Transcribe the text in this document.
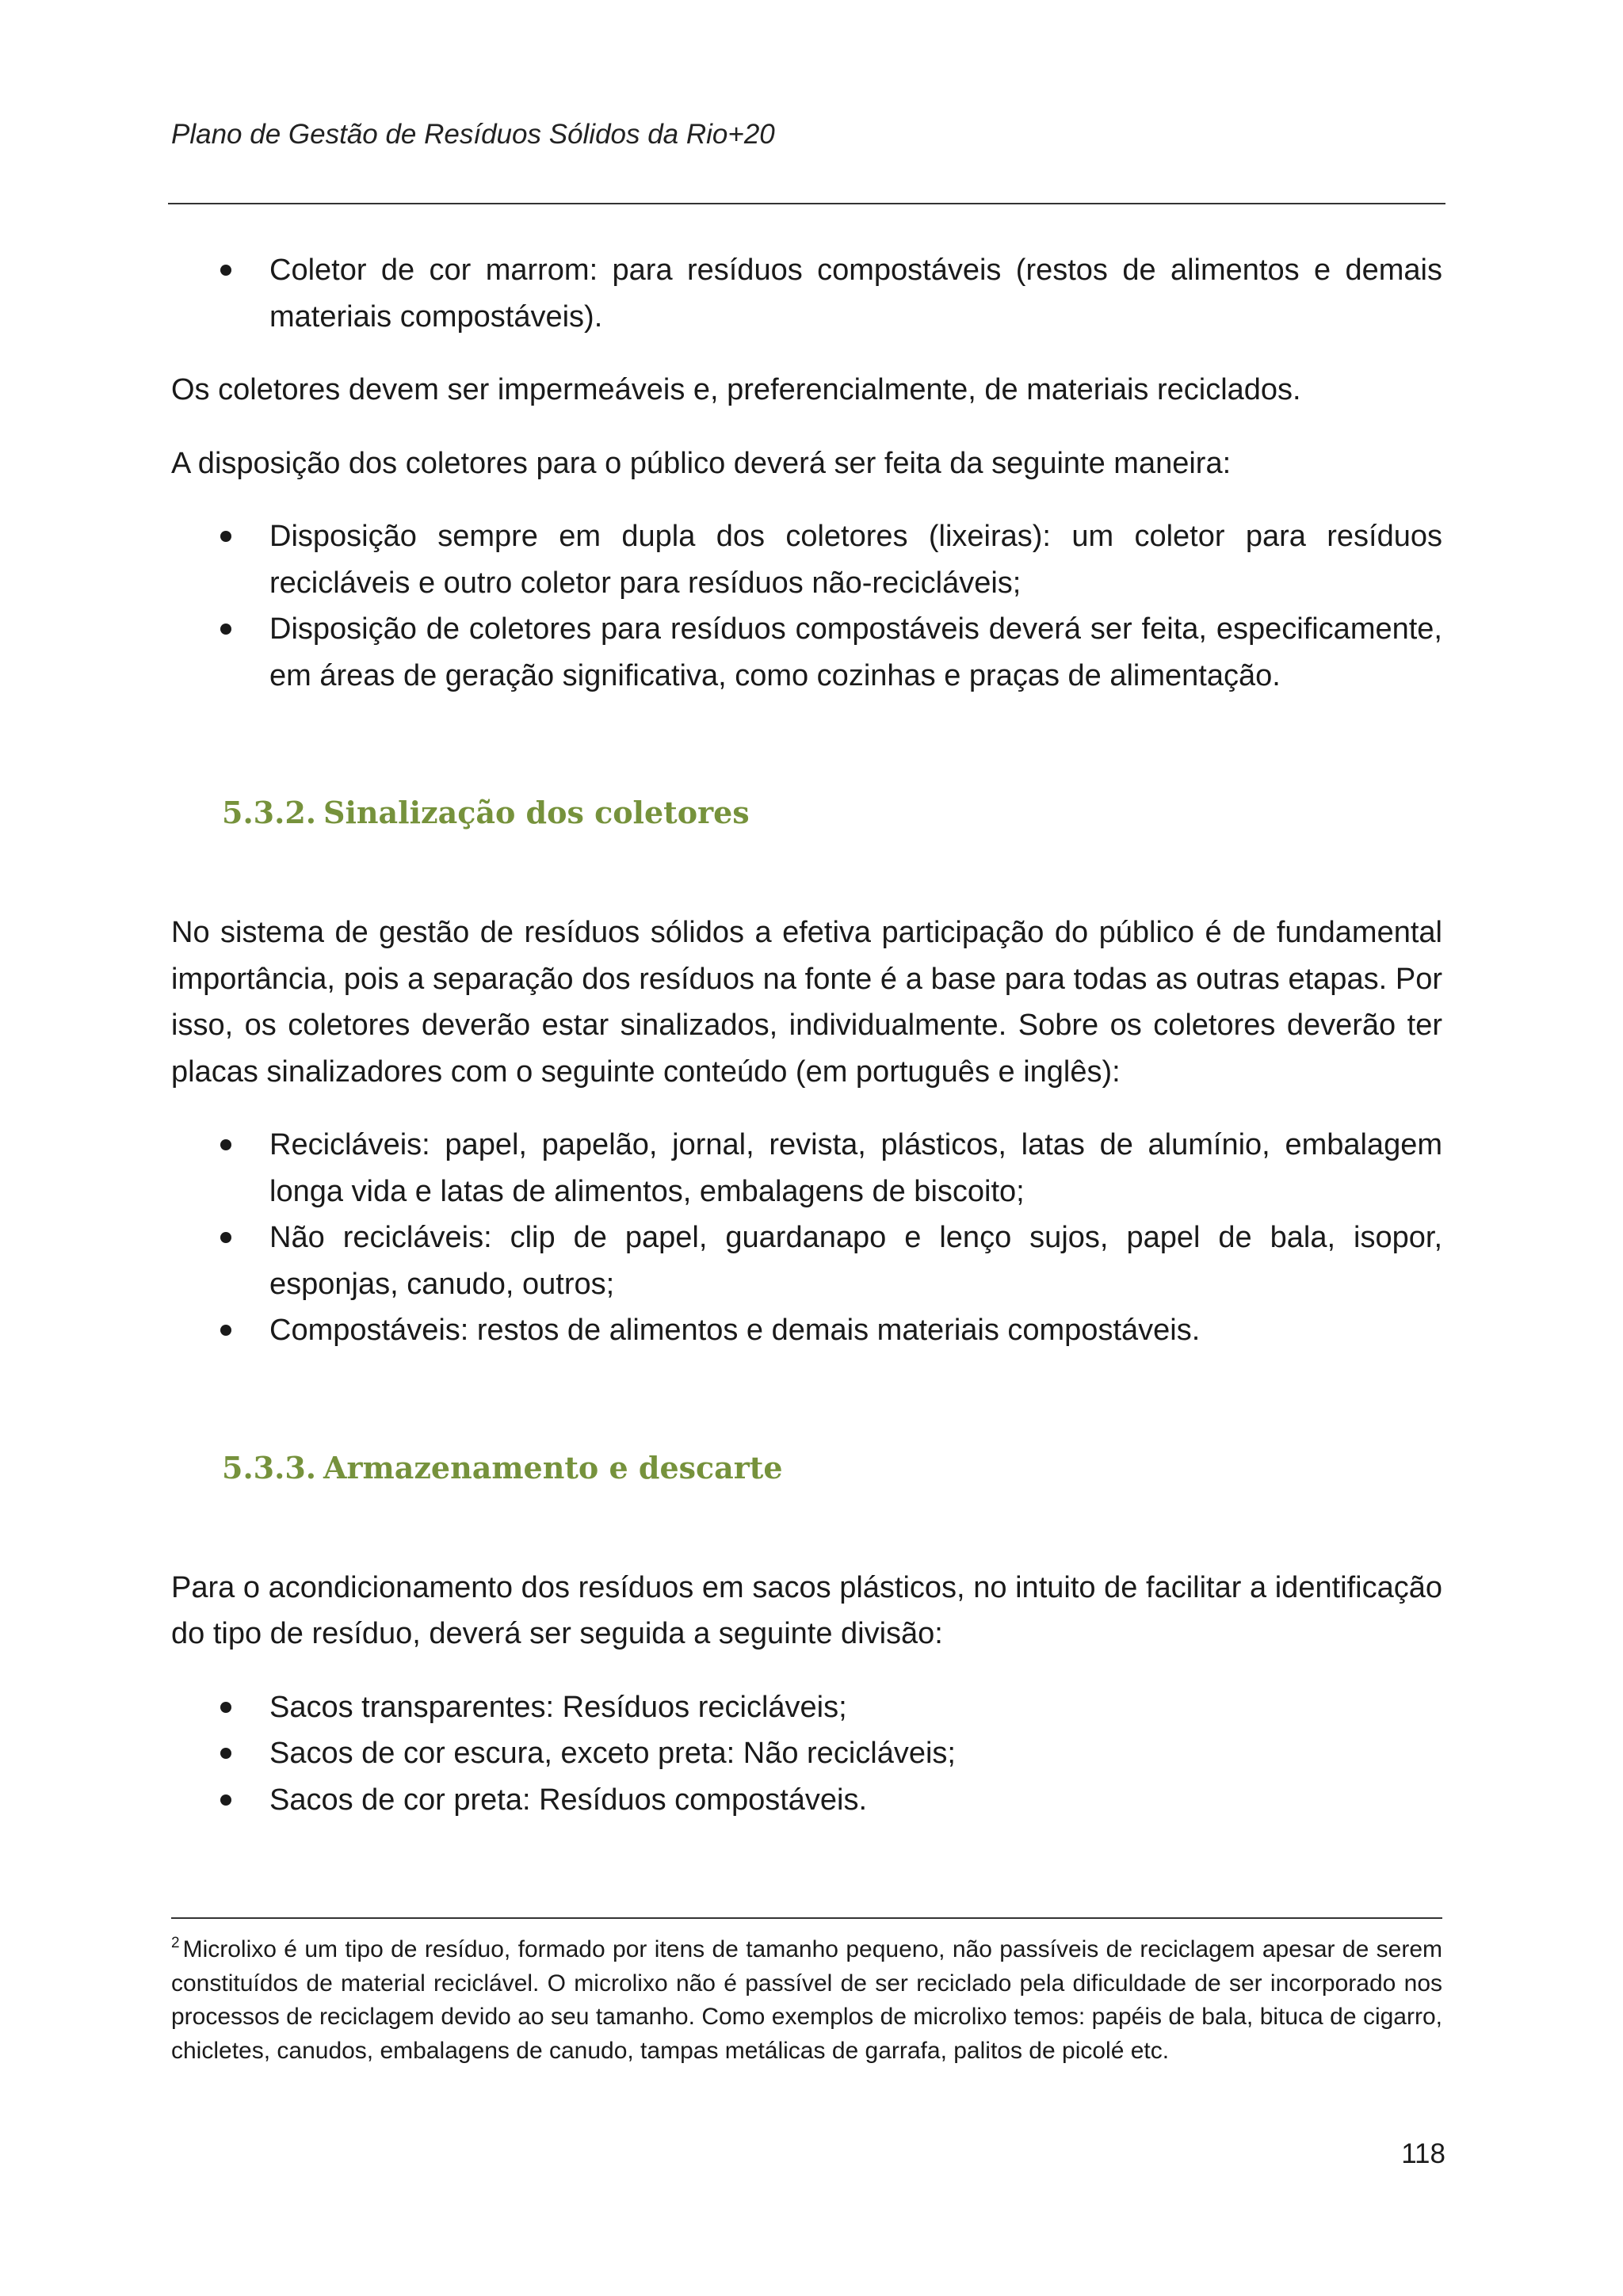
Plano de Gestão de Resíduos Sólidos da Rio+20
Coletor de cor marrom: para resíduos compostáveis (restos de alimentos e demais materiais compostáveis).

Os coletores devem ser impermeáveis e, preferencialmente, de materiais reciclados.

A disposição dos coletores para o público deverá ser feita da seguinte maneira:

Disposição sempre em dupla dos coletores (lixeiras): um coletor para resíduos recicláveis e outro coletor para resíduos não-recicláveis;
Disposição de coletores para resíduos compostáveis deverá ser feita, especificamente, em áreas de geração significativa, como cozinhas e praças de alimentação.
5.3.2. Sinalização dos coletores

No sistema de gestão de resíduos sólidos a efetiva participação do público é de fundamental importância, pois a separação dos resíduos na fonte é a base para todas as outras etapas. Por isso, os coletores deverão estar sinalizados, individualmente. Sobre os coletores deverão ter placas sinalizadores com o seguinte conteúdo (em português e inglês):

Recicláveis: papel, papelão, jornal, revista, plásticos, latas de alumínio, embalagem longa vida e latas de alimentos, embalagens de biscoito;
Não recicláveis: clip de papel, guardanapo e lenço sujos, papel de bala, isopor, esponjas, canudo, outros;
Compostáveis: restos de alimentos e demais materiais compostáveis.
5.3.3. Armazenamento e descarte

Para o acondicionamento dos resíduos em sacos plásticos, no intuito de facilitar a identificação do tipo de resíduo, deverá ser seguida a seguinte divisão:

Sacos transparentes: Resíduos recicláveis;
Sacos de cor escura, exceto preta: Não recicláveis;
Sacos de cor preta: Resíduos compostáveis.
$^2$ Microlixo é um tipo de resíduo, formado por itens de tamanho pequeno, não passíveis de reciclagem apesar de serem constituídos de material reciclável. O microlixo não é passível de ser reciclado pela dificuldade de ser incorporado nos processos de reciclagem devido ao seu tamanho. Como exemplos de microlixo temos: papéis de bala, bituca de cigarro, chicletes, canudos, embalagens de canudo, tampas metálicas de garrafa, palitos de picolé etc.
118
